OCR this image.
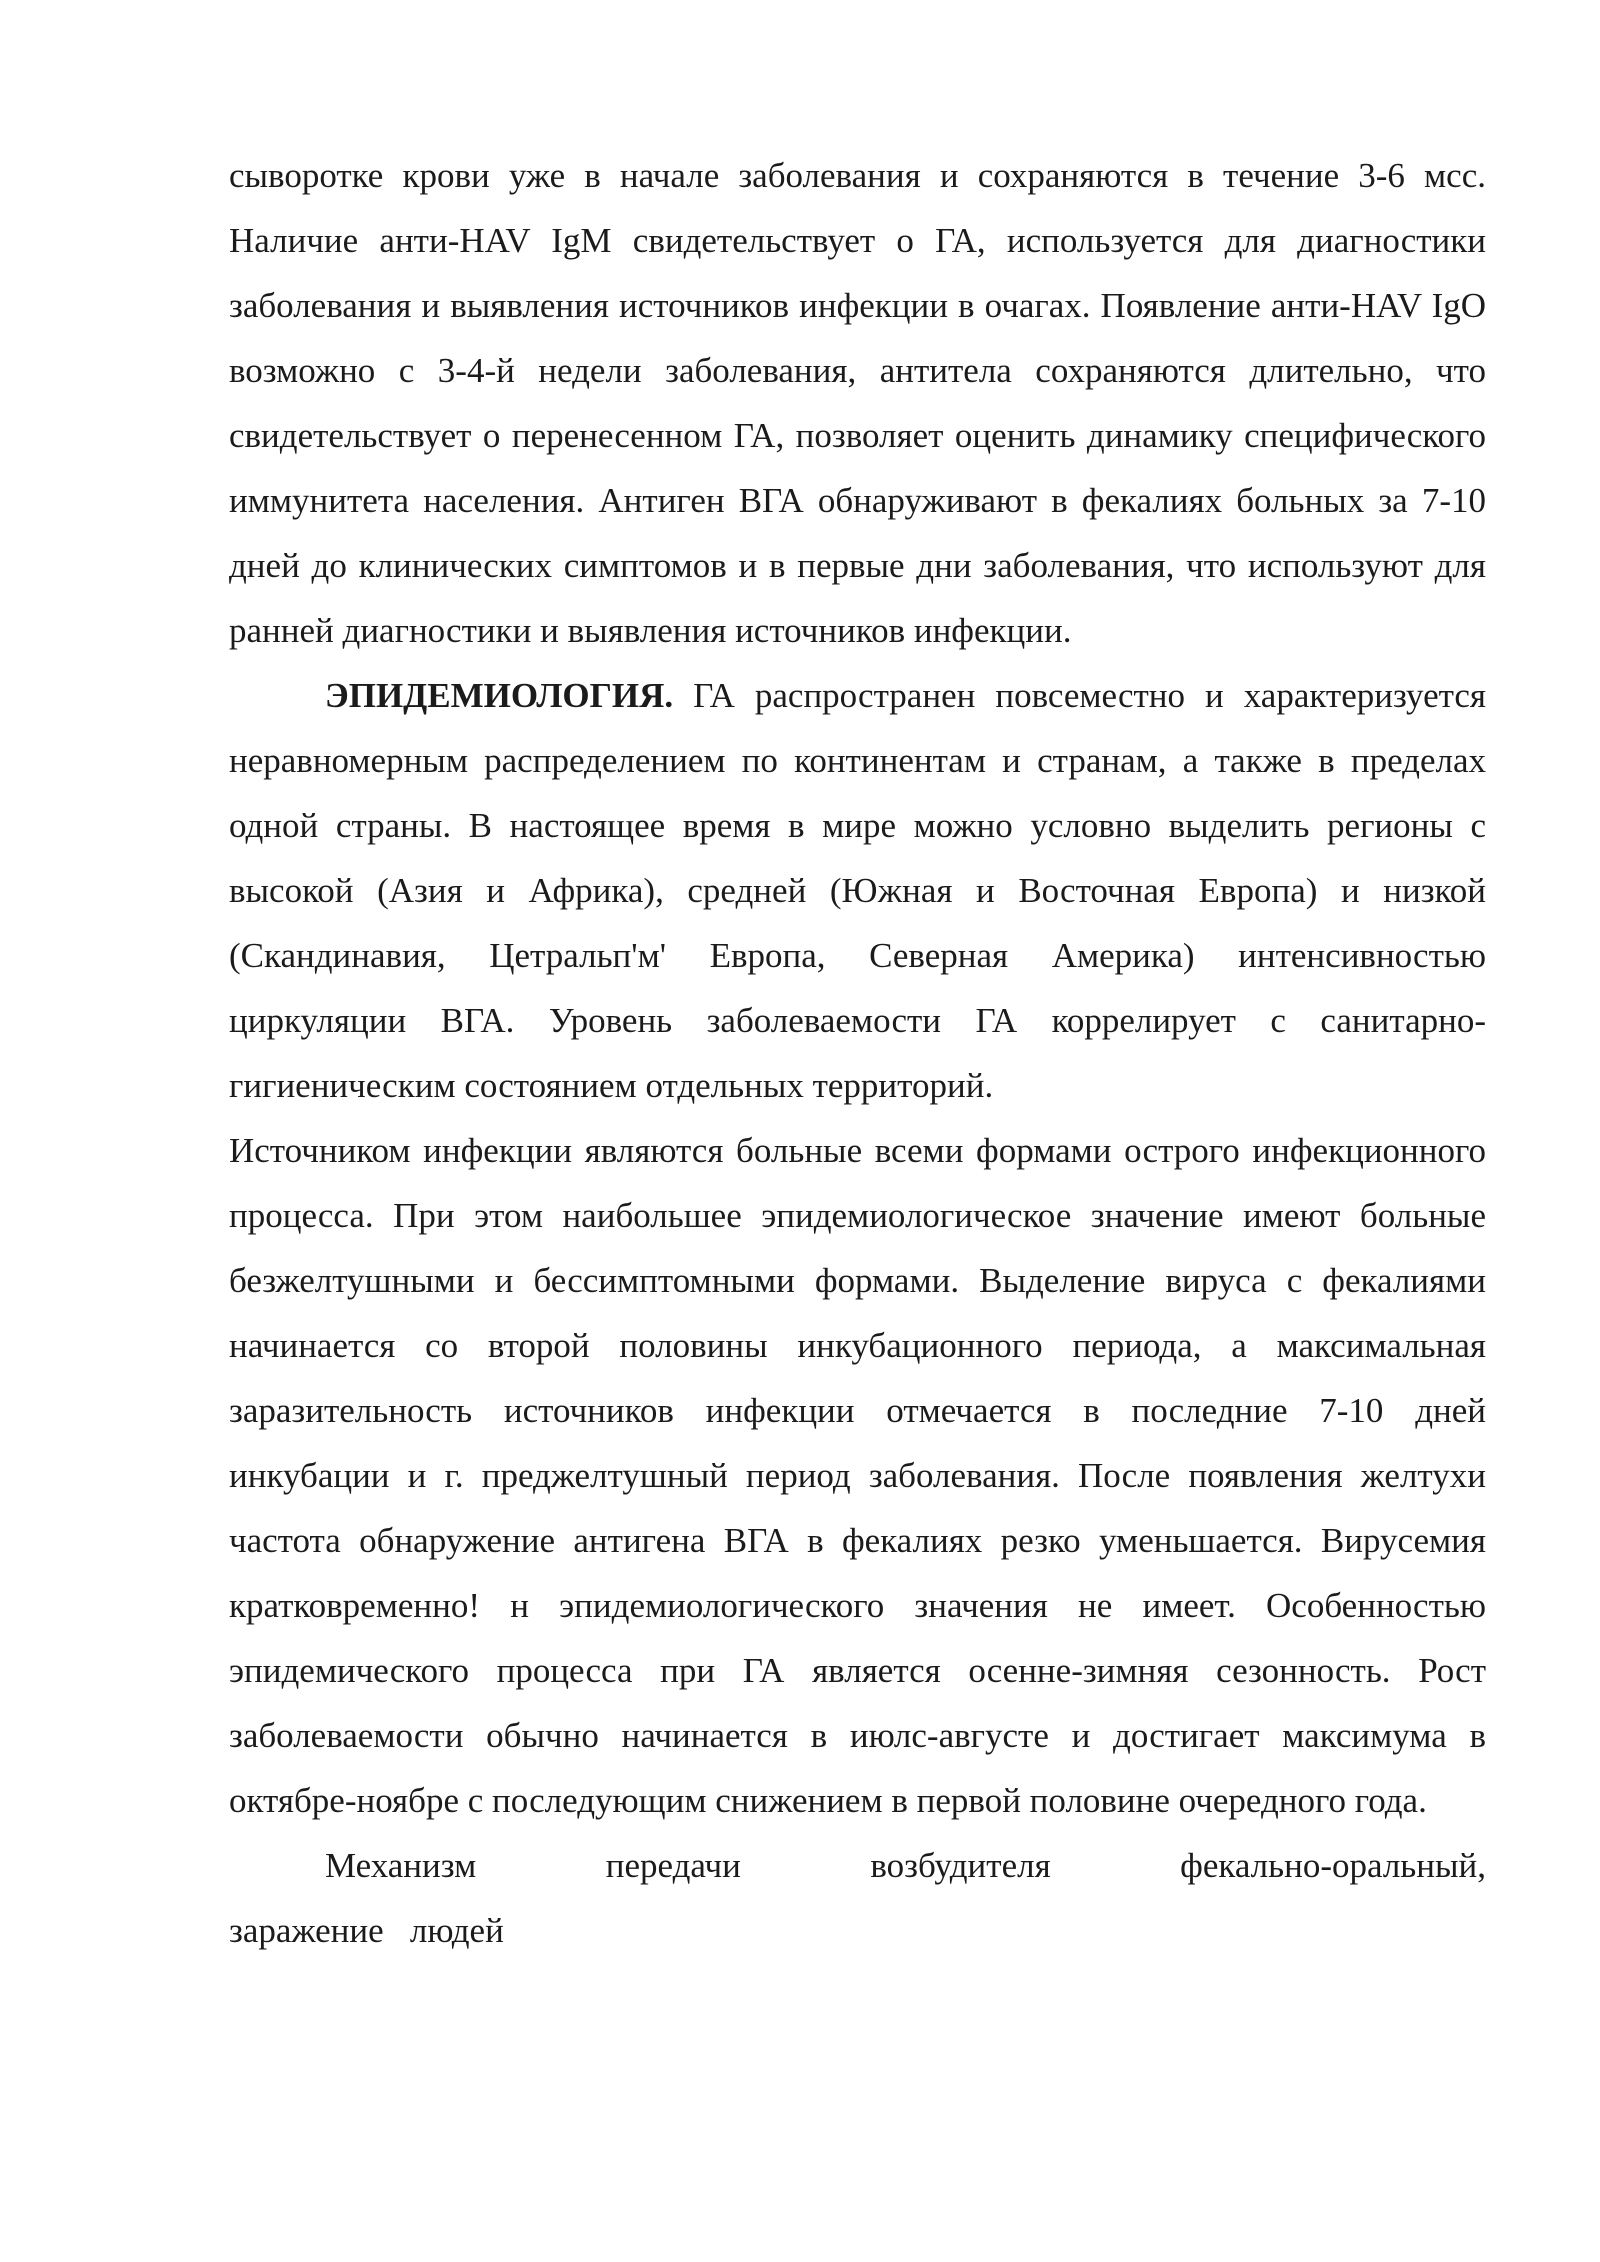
сыворотке крови уже в начале заболевания и сохраняются в течение 3-6 мсс. Наличие анти-HAV IgM свидетельствует о ГА, используется для диагностики заболевания и выявления источников инфекции в очагах. Появление анти-HAV IgO возможно с 3-4-й недели заболевания, антитела сохраняются длительно, что свидетельствует о перенесенном ГА, позволяет оценить динамику специфического иммунитета населения. Антиген ВГА обнаруживают в фекалиях больных за 7-10 дней до клинических симптомов и в первые дни заболевания, что используют для ранней диагностики и выявления источников инфекции.

ЭПИДЕМИОЛОГИЯ. ГА распространен повсеместно и характеризуется неравномерным распределением по континентам и странам, а также в пределах одной страны. В настоящее время в мире можно условно выделить регионы с высокой (Азия и Африка), средней (Южная и Восточная Европа) и низкой (Скандинавия, Цетральп'м' Европа, Северная Америка) интенсивностью циркуляции ВГА. Уровень заболеваемости ГА коррелирует с санитарно-гигиеническим состоянием отдельных территорий.

Источником инфекции являются больные всеми формами острого инфекционного процесса. При этом наибольшее эпидемиологическое значение имеют больные безжелтушными и бессимптомными формами. Выделение вируса с фекалиями начинается со второй половины инкубационного периода, а максимальная заразительность источников инфекции отмечается в последние 7-10 дней инкубации и г. преджелтушный период заболевания. После появления желтухи частота обнаружение антигена ВГА в фекалиях резко уменьшается. Вирусемия кратковременно! н эпидемиологического значения не имеет. Особенностью эпидемического процесса при ГА является осенне-зимняя сезонность. Рост заболеваемости обычно начинается в июлс-августе и достигает максимума в октябре-ноябре с последующим снижением в первой половине очередного года.

Механизм передачи возбудителя фекально-оральный,

заражение   людей
